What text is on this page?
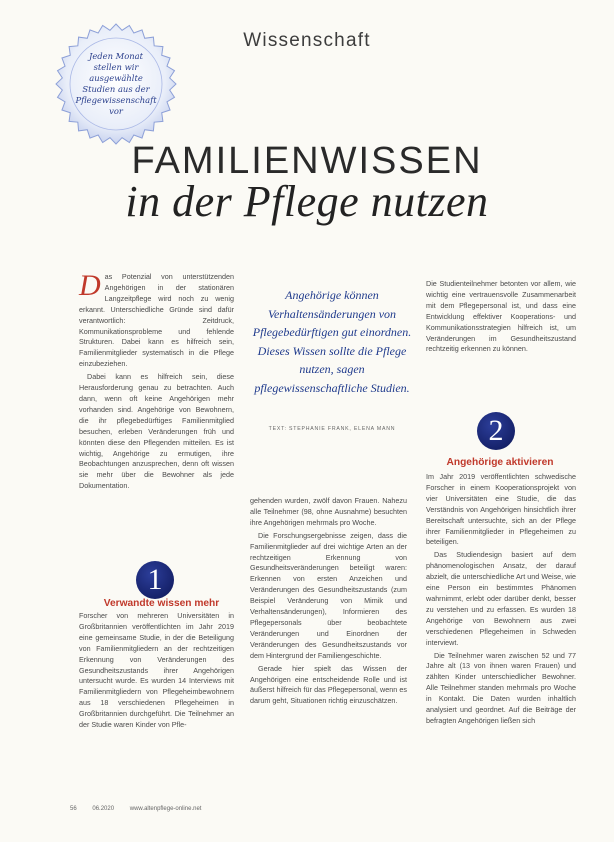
Jeden Monat stellen wir ausgewählte Studien aus der Pflegewissenschaft vor
Wissenschaft
FAMILIENWISSEN
in der Pflege nutzen

Das Potenzial von unterstützenden Angehörigen in der stationären Langzeitpflege wird noch zu wenig erkannt. Unterschiedliche Gründe sind dafür verantwortlich: Zeitdruck, Kommunikationsprobleme und fehlende Strukturen. Dabei kann es hilfreich sein, Familienmitglieder systematisch in die Pflege einzubeziehen.

Dabei kann es hilfreich sein, diese Herausforderung genau zu betrachten. Auch dann, wenn oft keine Angehörigen mehr vorhanden sind. Angehörige von Bewohnern, die ihr pflegebedürftiges Familienmitglied besuchen, erleben Veränderungen früh und könnten diese den Pflegenden mitteilen. Es ist wichtig, Angehörige zu ermutigen, ihre Beobachtungen anzusprechen, denn oft wissen sie mehr über die Bewohner als jede Dokumentation.

Angehörige können Verhaltensänderungen von Pflegebedürftigen gut einordnen. Dieses Wissen sollte die Pflege nutzen, sagen pflegewissenschaftliche Studien.
TEXT: STEPHANIE FRANK, ELENA MANN

Die Studienteilnehmer betonten vor allem, wie wichtig eine vertrauensvolle Zusammenarbeit mit dem Pflegepersonal ist, und dass eine Entwicklung effektiver Kooperations- und Kommunikationsstrategien hilfreich ist, um Veränderungen im Gesundheitszustand rechtzeitig erkennen zu können.

2
Angehörige aktivieren

Im Jahr 2019 veröffentlichten schwedische Forscher in einem Kooperationsprojekt von vier Universitäten eine Studie, die das Verständnis von Angehörigen hinsichtlich ihrer Bereitschaft untersuchte, sich an der Pflege ihrer Familienmitglieder in Pflegeheimen zu beteiligen.

Das Studiendesign basiert auf dem phänomenologischen Ansatz, der darauf abzielt, die unterschiedliche Art und Weise, wie eine Person ein bestimmtes Phänomen wahrnimmt, erlebt oder darüber denkt, besser zu verstehen und zu erfassen. Es wurden 18 Angehörige von Bewohnern aus zwei verschiedenen Pflegeheimen in Schweden interviewt.

Die Teilnehmer waren zwischen 52 und 77 Jahre alt (13 von ihnen waren Frauen) und zählten Kinder unterschiedlicher Bewohner. Alle Teilnehmer standen mehrmals pro Woche in Kontakt. Die Daten wurden inhaltlich analysiert und geordnet. Auf die Beiträge der befragten Angehörigen ließen sich

gehenden wurden, zwölf davon Frauen. Nahezu alle Teilnehmer (98, ohne Ausnahme) besuchten ihre Angehörigen mehrmals pro Woche.

Die Forschungsergebnisse zeigen, dass die Familienmitglieder auf drei wichtige Arten an der rechtzeitigen Erkennung von Gesundheitsveränderungen beteiligt waren: Erkennen von ersten Anzeichen und Veränderungen des Gesundheitszustands (zum Beispiel Veränderung von Mimik und Verhaltensänderungen), Informieren des Pflegepersonals über beobachtete Veränderungen und Einordnen der Veränderungen des Gesundheitszustands vor dem Hintergrund der Familiengeschichte.

Gerade hier spielt das Wissen der Angehörigen eine entscheidende Rolle und ist äußerst hilfreich für das Pflegepersonal, wenn es darum geht, Situationen richtig einzuschätzen.

1
Verwandte wissen mehr

Forscher von mehreren Universitäten in Großbritannien veröffentlichten im Jahr 2019 eine gemeinsame Studie, in der die Beteiligung von Familienmitgliedern an der rechtzeitigen Erkennung von Veränderungen des Gesundheitszustands ihrer Angehörigen untersucht wurde. Es wurden 14 Interviews mit Familienmitgliedern von Pflegeheimbewohnern aus 18 verschiedenen Pflegeheimen in Großbritannien durchgeführt. Die Teilnehmer an der Studie waren Kinder von Pfle-

56	06.2020	www.altenpflege-online.net
